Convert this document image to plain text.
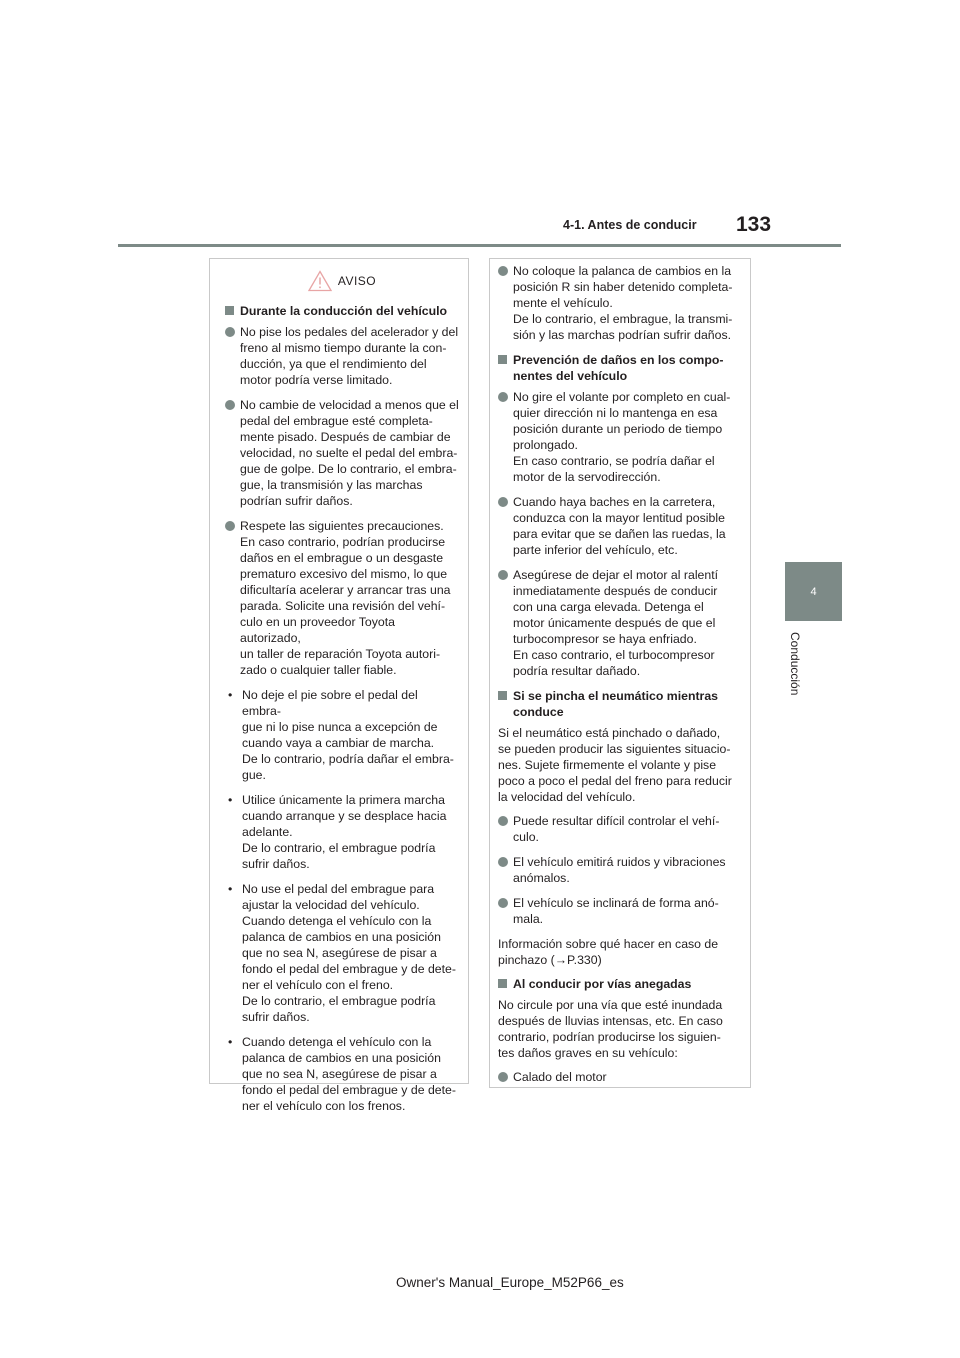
4-1. Antes de conducir 133
4
Conducción
AVISO
Durante la conducción del vehículo
No pise los pedales del acelerador y del
freno al mismo tiempo durante la con-
ducción, ya que el rendimiento del
motor podría verse limitado.
No cambie de velocidad a menos que el
pedal del embrague esté completa-
mente pisado. Después de cambiar de
velocidad, no suelte el pedal del embra-
gue de golpe. De lo contrario, el embra-
gue, la transmisión y las marchas
podrían sufrir daños.
Respete las siguientes precauciones.
En caso contrario, podrían producirse
daños en el embrague o un desgaste
prematuro excesivo del mismo, lo que
dificultaría acelerar y arrancar tras una
parada. Solicite una revisión del vehí-
culo en un proveedor Toyota autorizado,
un taller de reparación Toyota autori-
zado o cualquier taller fiable.
• No deje el pie sobre el pedal del embra-
gue ni lo pise nunca a excepción de
cuando vaya a cambiar de marcha.
De lo contrario, podría dañar el embra-
gue.
• Utilice únicamente la primera marcha
cuando arranque y se desplace hacia
adelante.
De lo contrario, el embrague podría
sufrir daños.
• No use el pedal del embrague para
ajustar la velocidad del vehículo.
Cuando detenga el vehículo con la
palanca de cambios en una posición
que no sea N, asegúrese de pisar a
fondo el pedal del embrague y de dete-
ner el vehículo con el freno.
De lo contrario, el embrague podría
sufrir daños.
• Cuando detenga el vehículo con la
palanca de cambios en una posición
que no sea N, asegúrese de pisar a
fondo el pedal del embrague y de dete-
ner el vehículo con los frenos.
No coloque la palanca de cambios en la
posición R sin haber detenido completa-
mente el vehículo.
De lo contrario, el embrague, la transmi-
sión y las marchas podrían sufrir daños.
Prevención de daños en los compo-
nentes del vehículo
No gire el volante por completo en cual-
quier dirección ni lo mantenga en esa
posición durante un periodo de tiempo
prolongado.
En caso contrario, se podría dañar el
motor de la servodirección.
Cuando haya baches en la carretera,
conduzca con la mayor lentitud posible
para evitar que se dañen las ruedas, la
parte inferior del vehículo, etc.
Asegúrese de dejar el motor al ralentí
inmediatamente después de conducir
con una carga elevada. Detenga el
motor únicamente después de que el
turbocompresor se haya enfriado.
En caso contrario, el turbocompresor
podría resultar dañado.
Si se pincha el neumático mientras
conduce
Si el neumático está pinchado o dañado,
se pueden producir las siguientes situacio-
nes. Sujete firmemente el volante y pise
poco a poco el pedal del freno para reducir
la velocidad del vehículo.
Puede resultar difícil controlar el vehí-
culo.
El vehículo emitirá ruidos y vibraciones
anómalos.
El vehículo se inclinará de forma anó-
mala.
Información sobre qué hacer en caso de
pinchazo (→P.330)
Al conducir por vías anegadas
No circule por una vía que esté inundada
después de lluvias intensas, etc. En caso
contrario, podrían producirse los siguien-
tes daños graves en su vehículo:
Calado del motor
Owner's Manual_Europe_M52P66_es
